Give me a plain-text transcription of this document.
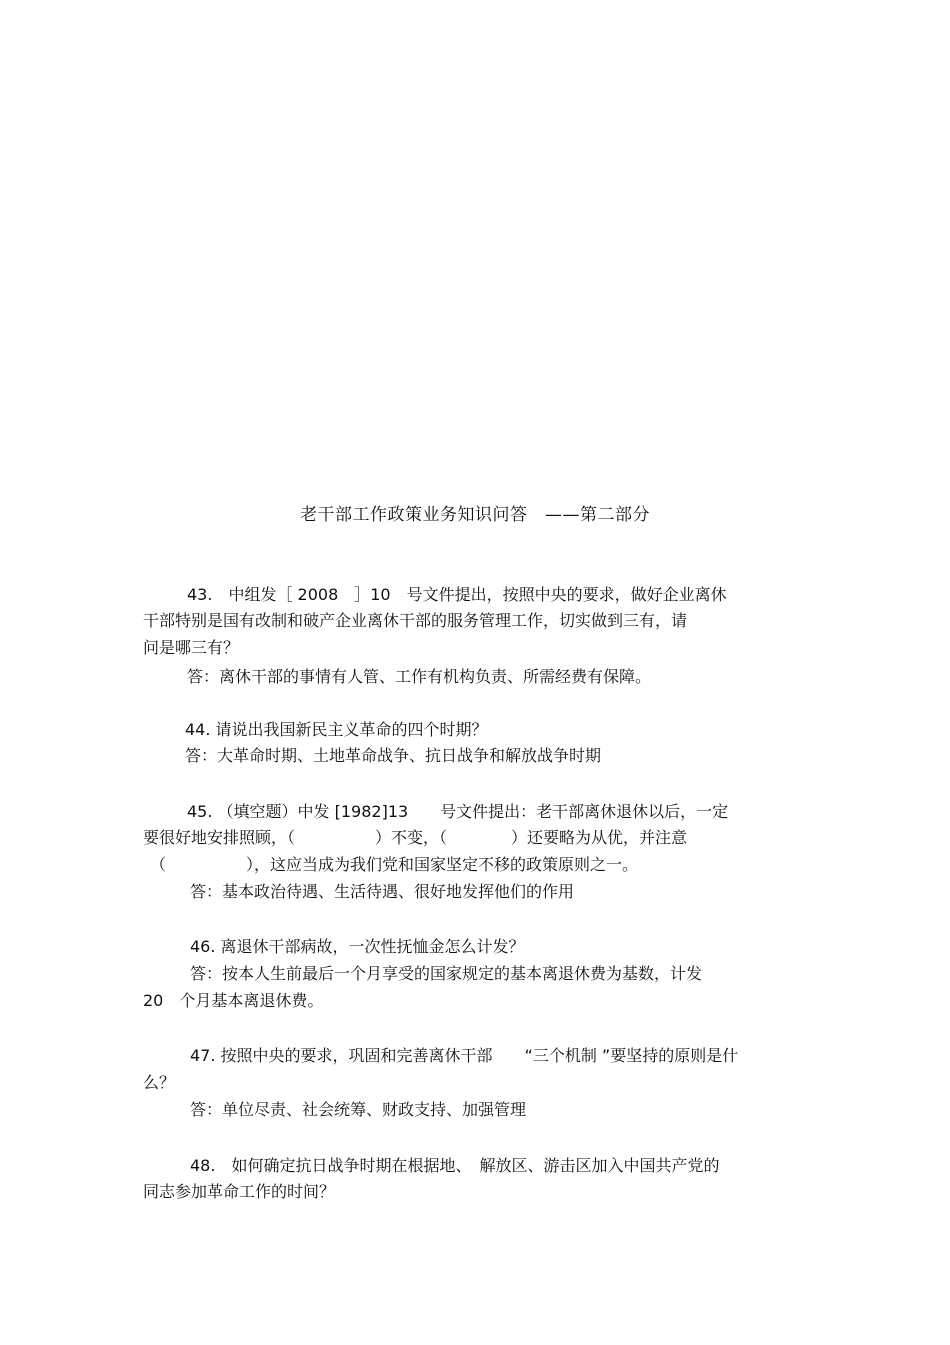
老干部工作政策业务知识问答　——第二部分
43.　中组发［ 2008　］10　号文件提出，按照中央的要求，做好企业离休
干部特别是国有改制和破产企业离休干部的服务管理工作，切实做到三有，请
问是哪三有？
答：离休干部的事情有人管、工作有机构负责、所需经费有保障。
44. 请说出我国新民主义革命的四个时期？
答：大革命时期、土地革命战争、抗日战争和解放战争时期
45. （填空题）中发 [1982]13　　号文件提出：老干部离休退休以后，一定
要很好地安排照顾，（　　　　　）不变，（　　　　）还要略为从优，并注意
（　　　　　），这应当成为我们党和国家坚定不移的政策原则之一。
答：基本政治待遇、生活待遇、很好地发挥他们的作用
46. 离退休干部病故，一次性抚恤金怎么计发？
答：按本人生前最后一个月享受的国家规定的基本离退休费为基数，计发
20　个月基本离退休费。
47. 按照中央的要求，巩固和完善离休干部　　“三个机制 ”要坚持的原则是什
么？
答：单位尽责、社会统筹、财政支持、加强管理
48.　如何确定抗日战争时期在根据地、　解放区、游击区加入中国共产党的
同志参加革命工作的时间？
